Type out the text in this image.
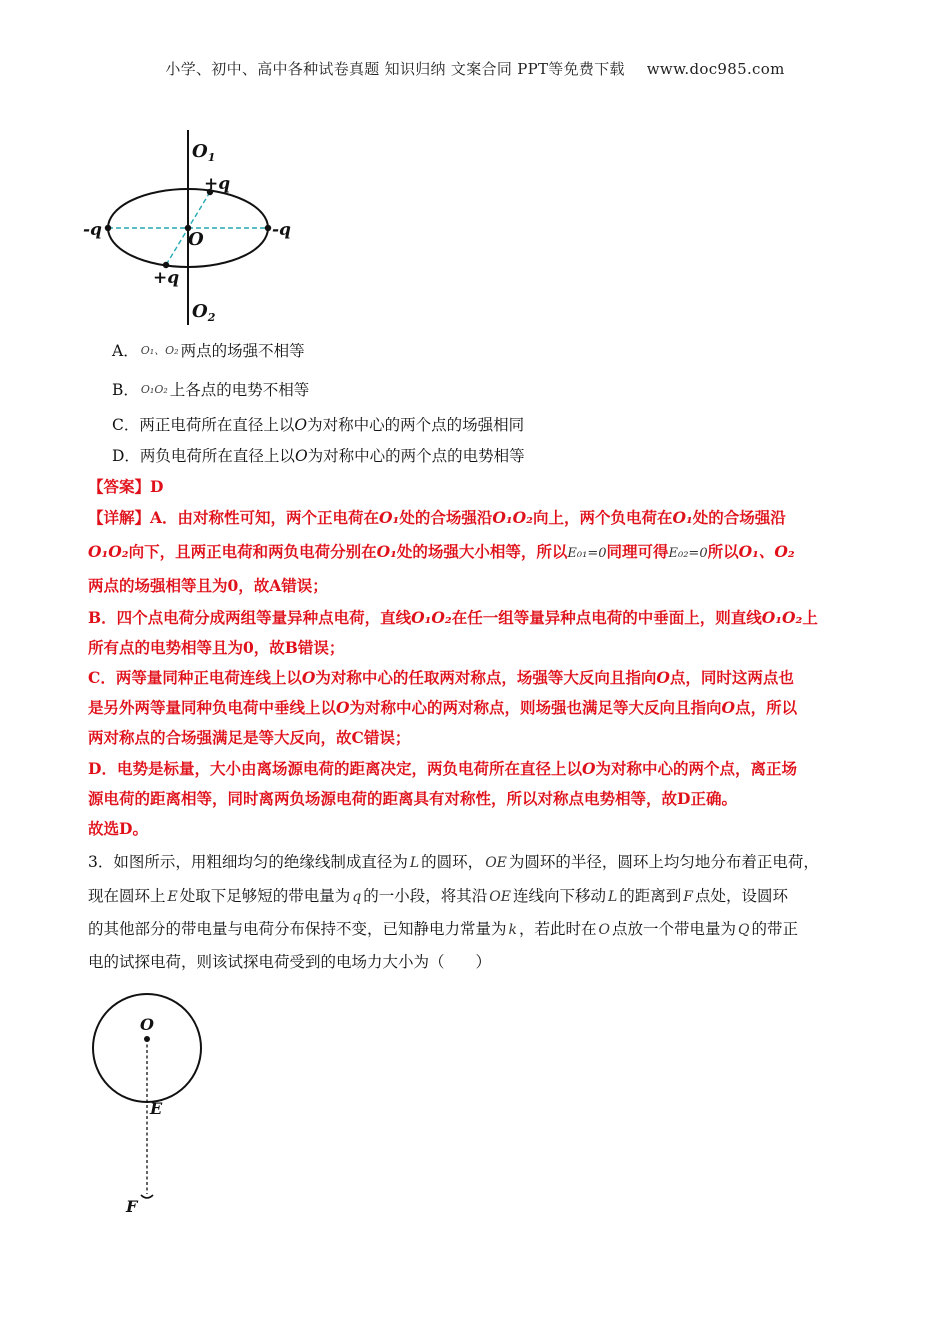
小学、初中、高中各种试卷真题 知识归纳 文案合同 PPT等免费下载 www.doc985.com
$O_1$
+q
-q	-q
O
+q
$O_2$
A． O₁、O₂ 两点的场强不相等
B． O₁O₂ 上各点的电势不相等
C．两正电荷所在直径上以O为对称中心的两个点的场强相同
D．两负电荷所在直径上以O为对称中心的两个点的电势相等
【答案】D
【详解】A．由对称性可知，两个正电荷在O₁处的合场强沿O₁O₂向上，两个负电荷在O₁处的合场强沿
O₁O₂向下，且两正电荷和两负电荷分别在O₁处的场强大小相等，所以E₀₁=0同理可得E₀₂=0所以O₁、O₂
两点的场强相等且为0，故A错误；
B．四个点电荷分成两组等量异种点电荷，直线O₁O₂在任一组等量异种点电荷的中垂面上，则直线O₁O₂上
所有点的电势相等且为0，故B错误；
C．两等量同种正电荷连线上以O为对称中心的任取两对称点，场强等大反向且指向O点，同时这两点也
是另外两等量同种负电荷中垂线上以O为对称中心的两对称点，则场强也满足等大反向且指向O点，所以
两对称点的合场强满足是等大反向，故C错误；
D．电势是标量，大小由离场源电荷的距离决定，两负电荷所在直径上以O为对称中心的两个点，离正场
源电荷的距离相等，同时离两负场源电荷的距离具有对称性，所以对称点电势相等，故D正确。
故选D。
3．如图所示，用粗细均匀的绝缘线制成直径为 L 的圆环， OE 为圆环的半径，圆环上均匀地分布着正电荷，
现在圆环上 E 处取下足够短的带电量为 q 的一小段，将其沿 OE 连线向下移动 L 的距离到 F 点处，设圆环
的其他部分的带电量与电荷分布保持不变，已知静电力常量为 k ，若此时在 O 点放一个带电量为 Q 的带正
电的试探电荷，则该试探电荷受到的电场力大小为（　　）
O
E
F
